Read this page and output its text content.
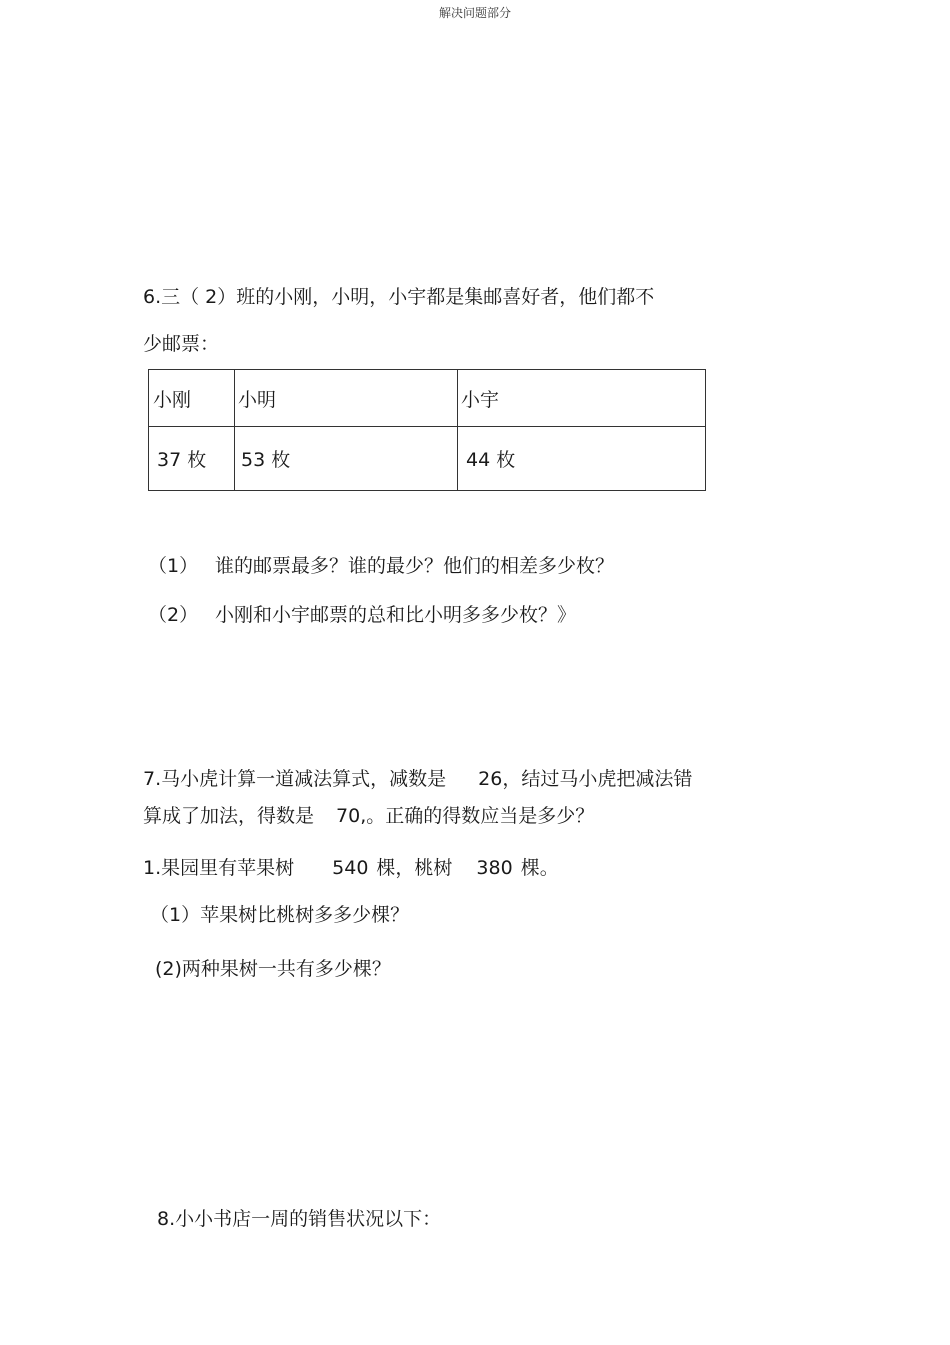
解决问题部分
6.三（ 2）班的小刚，小明，小宇都是集邮喜好者，他们都不
少邮票：
小刚	小明	小宇
37 枚	53 枚	44 枚
（1） 谁的邮票最多？谁的最少？他们的相差多少枚？
（2） 小刚和小宇邮票的总和比小明多多少枚？》
7.马小虎计算一道减法算式，减数是 26，结过马小虎把减法错
算成了加法，得数是 70,。正确的得数应当是多少？
1.果园里有苹果树 540 棵，桃树 380 棵。
（1）苹果树比桃树多多少棵？
(2)两种果树一共有多少棵？
8.小小书店一周的销售状况以下：
